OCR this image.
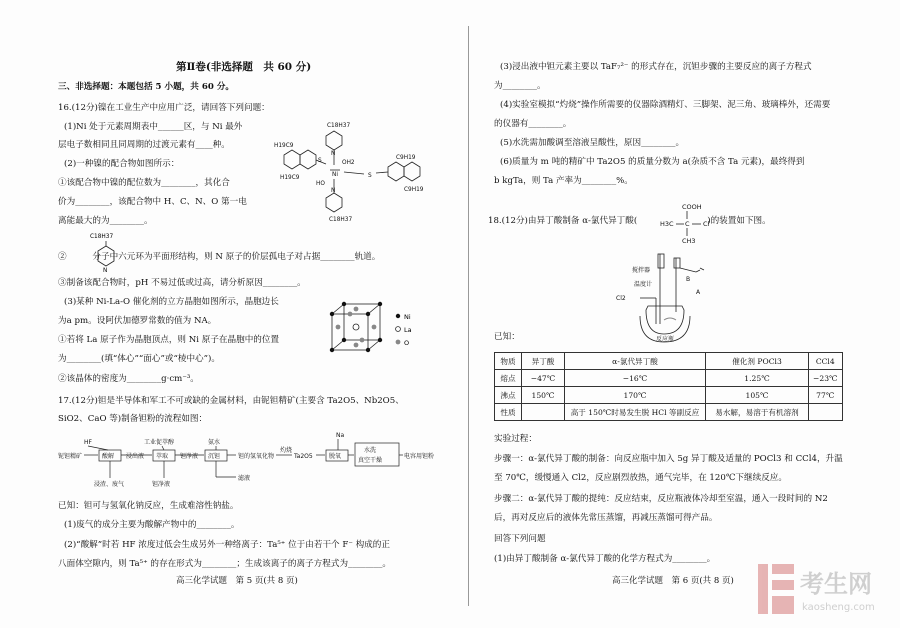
第Ⅱ卷(非选择题　共 60 分)
三、非选择题：本题包括 5 小题，共 60 分。
16.(12分)镍在工业生产中应用广泛，请回答下列问题：
(1)Ni 处于元素周期表中______区，与 Ni 最外
层电子数相同且同周期的过渡元素有____种。
(2)一种镍的配合物如图所示：
①该配合物中镍的配位数为________，其化合
价为________，该配合物中 H、C、N、O 第一电
离能最大的为________。
②　　　分子中六元环为平面形结构，则 N 原子的价层孤电子对占据________轨道。
③制备该配合物时，pH 不易过低或过高，请分析原因________。
(3)某种 Ni-La-O 催化剂的立方晶胞如图所示，晶胞边长
为a pm。设阿伏加德罗常数的值为 NA。
①若将 La 原子作为晶胞顶点，则 Ni 原子在晶胞中的位置
为________(填“体心”“面心”或“棱中心”)。
②该晶体的密度为________g·cm⁻³。
17.(12分)钽是半导体和军工不可或缺的金属材料，由铌钽精矿(主要含 Ta2O5、Nb2O5、
SiO2、CaO 等)制备钽粉的流程如图：
已知：钽可与氢氧化钠反应，生成难溶性钠盐。
(1)废气的成分主要为酸解产物中的________。
(2)“酸解”时若 HF 浓度过低会生成另外一种络离子：Ta⁵⁺ 位于由若干个 F⁻ 构成的正
八面体空隙内，则 Ta⁵⁺ 的存在形式为________；生成该离子的离子方程式为________。
C18H37
C18H37
H19C9
H19C9
C9H19
C9H19
Ni
OH2
HO
S
S
N
N
C18H37
N
Ni
La
O
铌钽精矿
HF
酸解 浸出液
工业促萃醇
萃取 钽净液
氨水
沉钽	钽的氢氧化物
灼烧
Ta2O5
Na
脱氧
水洗
真空干燥
电容用钽粉
浸渣、废气	钽净液
滤液
高三化学试题　第 5 页(共 8 页)
(3)浸出液中钽元素主要以 TaF₇²⁻ 的形式存在，沉钽步骤的主要反应的离子方程式
为________。
(4)实验室模拟“灼烧”操作所需要的仪器除酒精灯、三脚架、泥三角、玻璃棒外，还需要
的仪器有________。
(5)水洗需加酸调至溶液呈酸性，原因________。
(6)质量为 m 吨的精矿中 Ta2O5 的质量分数为 a(杂质不含 Ta 元素)，最终得到
b kgTa，则 Ta 产率为________%。
18.(12分)由异丁酸制备 α-氯代异丁酸(	)的装置如下图。
已知：
实验过程：
步骤一：α-氯代异丁酸的制备：向反应瓶中加入 5g 异丁酸及适量的 POCl3 和 CCl4，升温
至 70℃，缓慢通入 Cl2，反应剧烈放热，通气完毕，在 120℃下继续反应。
步骤二：α-氯代异丁酸的提纯：反应结束，反应瓶液体冷却至室温，通入一段时间的 N2
后，再对反应后的液体先常压蒸馏，再减压蒸馏可得产品。
回答下列问题
(1)由异丁酸制备 α-氯代异丁酸的化学方程式为________。
COOH
H3C C Cl
CH3
搅拌器
温度计
B
A
Cl2
反应瓶
物质	异丁酸	α-氯代异丁酸	催化剂 POCl3	CCl4
熔点	−47℃	−16℃	1.25℃	−23℃
沸点	150℃	170℃	105℃	77℃
性质		高于 150℃时易发生脱 HCl 等副反应	易水解，易溶于有机溶剂	
高三化学试题　第 6 页(共 8 页)	考生网
kaosheng.com
